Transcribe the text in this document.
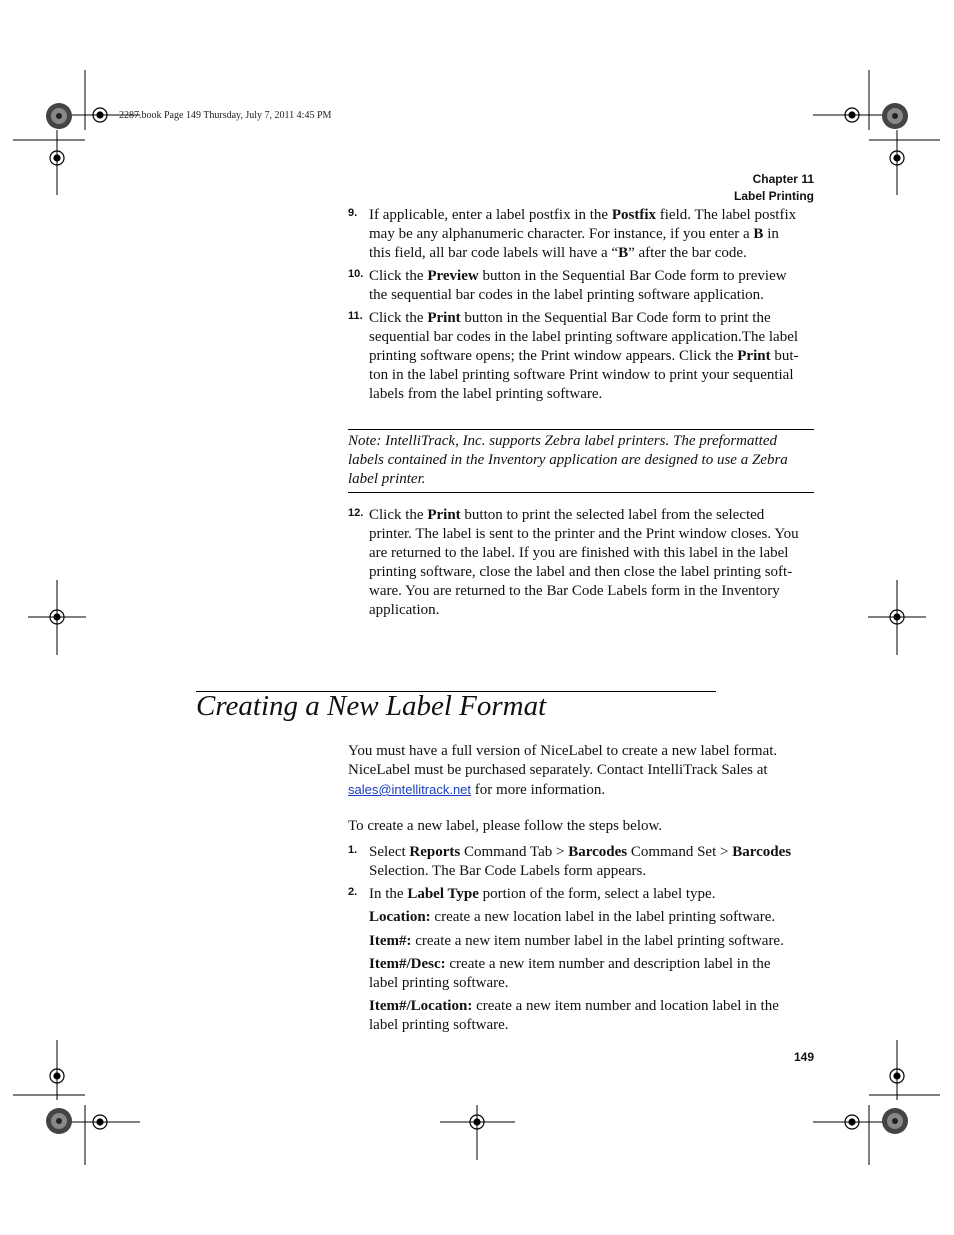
2287.book Page 149 Thursday, July 7, 2011 4:45 PM
Chapter 11
Label Printing
9. If applicable, enter a label postfix in the Postfix field. The label postfix

may be any alphanumeric character. For instance, if you enter a B in

this field, all bar code labels will have a “B” after the bar code.

10. Click the Preview button in the Sequential Bar Code form to preview

the sequential bar codes in the label printing software application.

11. Click the Print button in the Sequential Bar Code form to print the

sequential bar codes in the label printing software application.The label

printing software opens; the Print window appears. Click the Print but-

ton in the label printing software Print window to print your sequential

labels from the label printing software.

Note: IntelliTrack, Inc. supports Zebra label printers. The preformatted
labels contained in the Inventory application are designed to use a Zebra
label printer.
12. Click the Print button to print the selected label from the selected

printer. The label is sent to the printer and the Print window closes. You

are returned to the label. If you are finished with this label in the label

printing software, close the label and then close the label printing soft-

ware. You are returned to the Bar Code Labels form in the Inventory

application.

Creating a New Label Format

You must have a full version of NiceLabel to create a new label format.

NiceLabel must be purchased separately. Contact IntelliTrack Sales at

sales@intellitrack.net for more information.

To create a new label, please follow the steps below.
1. Select Reports Command Tab > Barcodes Command Set > Barcodes

Selection. The Bar Code Labels form appears.

2. In the Label Type portion of the form, select a label type.

Location: create a new location label in the label printing software.

Item#: create a new item number label in the label printing software.

Item#/Desc: create a new item number and description label in the

label printing software.

Item#/Location: create a new item number and location label in the

label printing software.

149
